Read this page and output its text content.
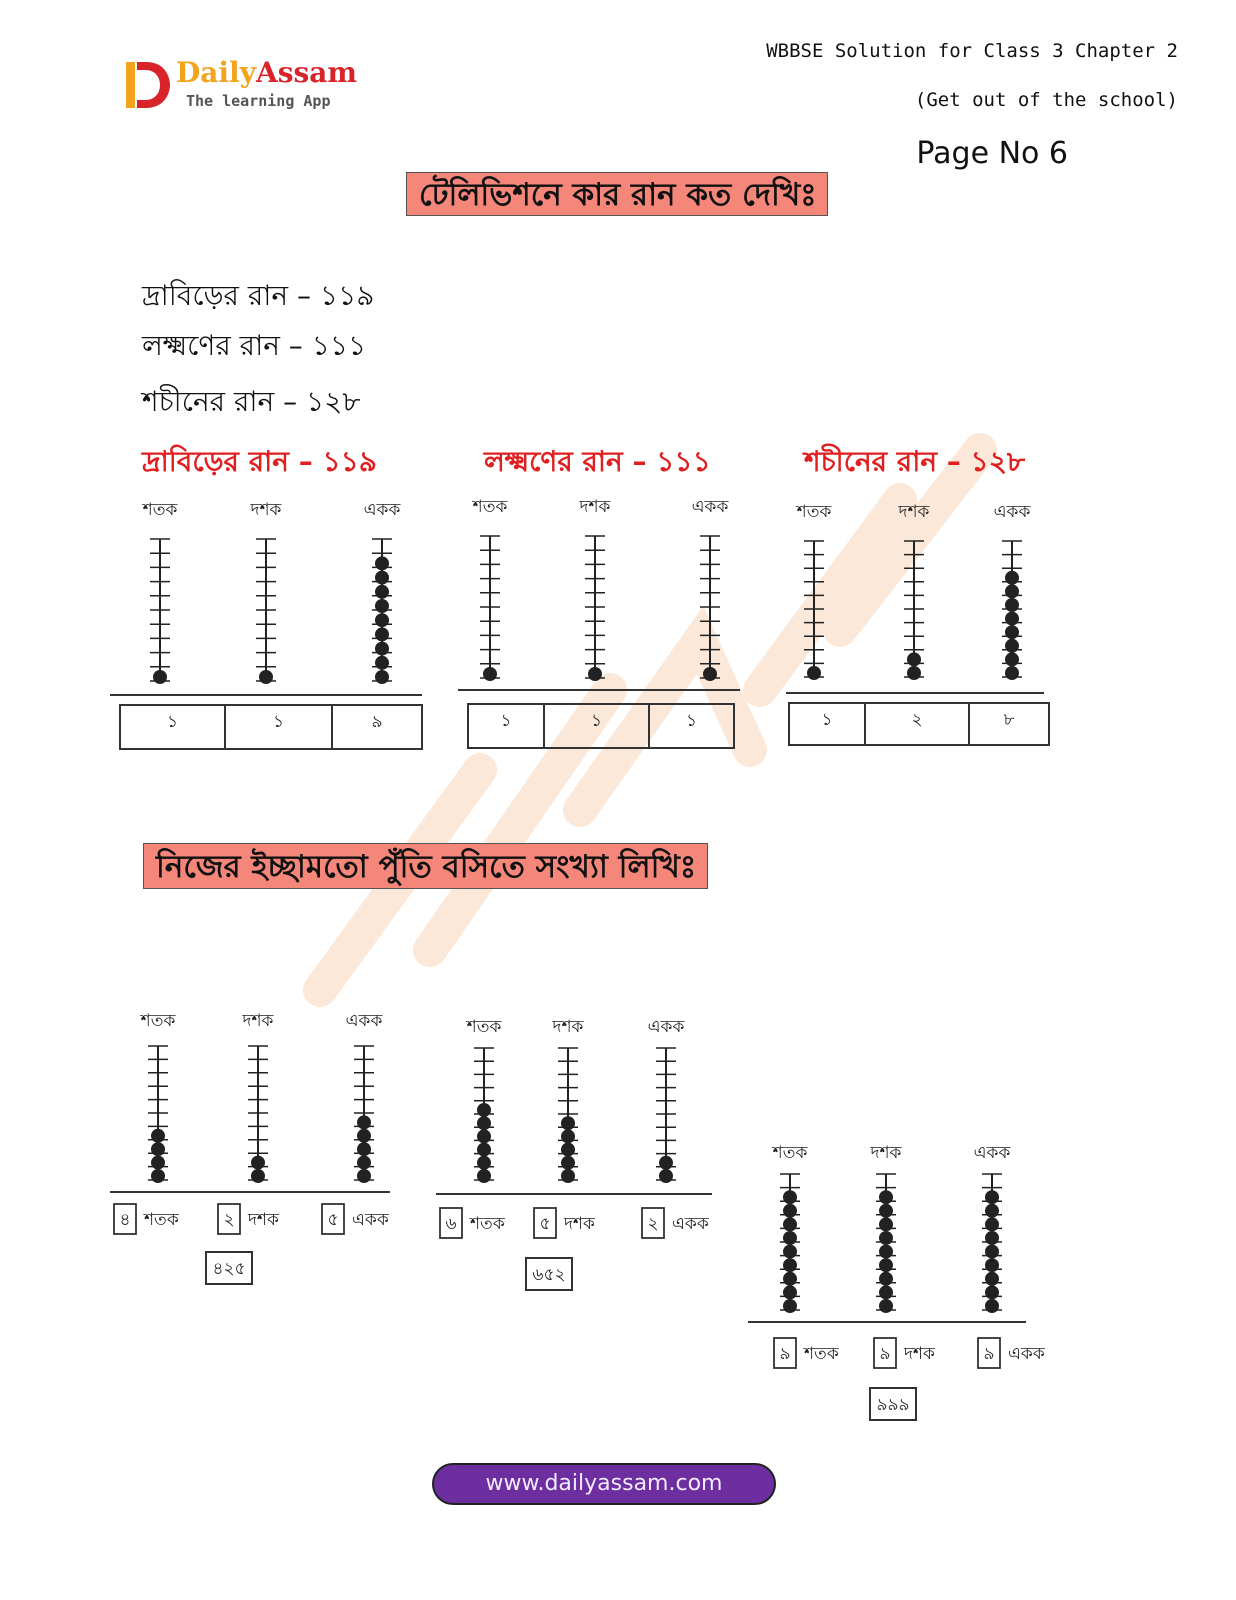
DailyAssam
The learning App
WBBSE Solution for Class 3 Chapter 2
(Get out of the school)
Page No 6
টেলিভিশনে কার রান কত দেখিঃ
দ্রাবিড়ের রান – ১১৯
লক্ষ্মণের রান – ১১১
শচীনের রান – ১২৮
দ্রাবিড়ের রান – ১১৯	লক্ষ্মণের রান – ১১১	শচীনের রান – ১২৮
শতক	দশক	একক
১	১	৯
শতক	দশক	একক
১	১	১
শতক	দশক	একক
১	২	৮
নিজের ইচ্ছামতো পুঁতি বসিতে সংখ্যা লিখিঃ
শতক
৪ শতক
দশক
২ দশক
একক
৫ একক
৪২৫
শতক
৬ শতক
দশক
৫ দশক
একক
২ একক
৬৫২
শতক
৯ শতক
দশক
৯ দশক
একক
৯ একক
৯৯৯
www.dailyassam.com
